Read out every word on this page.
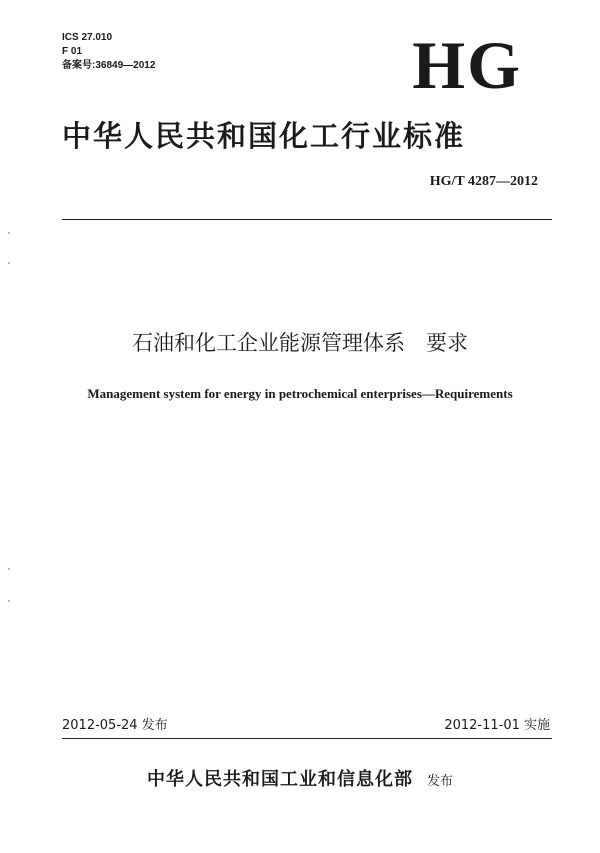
ICS 27.010
F 01
备案号:36849—2012	HG
中华人民共和国化工行业标准
HG/T 4287—2012
石油和化工企业能源管理体系　要求
Management system for energy in petrochemical enterprises—Requirements
2012-05-24 发布	2012-11-01 实施
中华人民共和国工业和信息化部 发布
